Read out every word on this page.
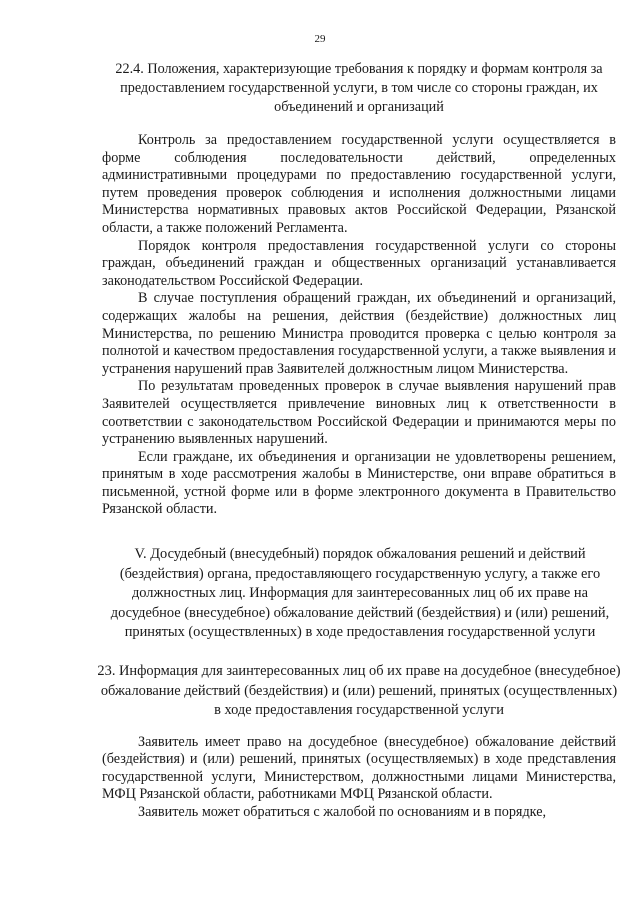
29
22.4. Положения, характеризующие требования к порядку и формам контроля за предоставлением государственной услуги, в том числе со стороны граждан, их объединений и организаций

Контроль за предоставлением государственной услуги осуществляется в форме соблюдения последовательности действий, определенных административными процедурами по предоставлению государственной услуги, путем проведения проверок соблюдения и исполнения должностными лицами Министерства нормативных правовых актов Российской Федерации, Рязанской области, а также положений Регламента.

Порядок контроля предоставления государственной услуги со стороны граждан, объединений граждан и общественных организаций устанавливается законодательством Российской Федерации.

В случае поступления обращений граждан, их объединений и организаций, содержащих жалобы на решения, действия (бездействие) должностных лиц Министерства, по решению Министра проводится проверка с целью контроля за полнотой и качеством предоставления государственной услуги, а также выявления и устранения нарушений прав Заявителей должностным лицом Министерства.

По результатам проведенных проверок в случае выявления нарушений прав Заявителей осуществляется привлечение виновных лиц к ответственности в соответствии с законодательством Российской Федерации и принимаются меры по устранению выявленных нарушений.

Если граждане, их объединения и организации не удовлетворены решением, принятым в ходе рассмотрения жалобы в Министерстве, они вправе обратиться в письменной, устной форме или в форме электронного документа в Правительство Рязанской области.

V. Досудебный (внесудебный) порядок обжалования решений и действий (бездействия) органа, предоставляющего государственную услугу, а также его должностных лиц. Информация для заинтересованных лиц об их праве на досудебное (внесудебное) обжалование действий (бездействия) и (или) решений, принятых (осуществленных) в ходе предоставления государственной услуги
23. Информация для заинтересованных лиц об их праве на досудебное (внесудебное) обжалование действий (бездействия) и (или) решений, принятых (осуществленных) в ходе предоставления государственной услуги

Заявитель имеет право на досудебное (внесудебное) обжалование действий (бездействия) и (или) решений, принятых (осуществляемых) в ходе представления государственной услуги, Министерством, должностными лицами Министерства, МФЦ Рязанской области, работниками МФЦ Рязанской области.

Заявитель может обратиться с жалобой по основаниям и в порядке,
